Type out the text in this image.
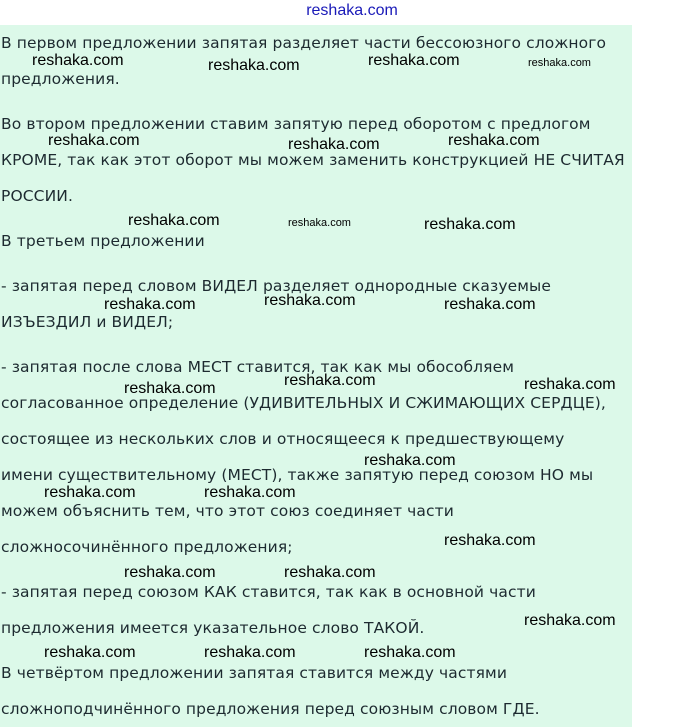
reshaka.com

В первом предложении запятая разделяет части бессоюзного сложного

предложения.

Во втором предложении ставим запятую перед оборотом с предлогом

КРОМЕ, так как этот оборот мы можем заменить конструкцией НЕ СЧИТАЯ

РОССИИ.

В третьем предложении

- запятая перед словом ВИДЕЛ разделяет однородные сказуемые

ИЗЪЕЗДИЛ и ВИДЕЛ;

- запятая после слова МЕСТ ставится, так как мы обособляем

согласованное определение (УДИВИТЕЛЬНЫХ И СЖИМАЮЩИХ СЕРДЦЕ),

состоящее из нескольких слов и относящееся к предшествующему

имени существительному (МЕСТ), также запятую перед союзом НО мы

можем объяснить тем, что этот союз соединяет части

сложносочинённого предложения;

- запятая перед союзом КАК ставится, так как в основной части

предложения имеется указательное слово ТАКОЙ.

В четвёртом предложении запятая ставится между частями

сложноподчинённого предложения перед союзным словом ГДЕ.

reshaka.com	reshaka.com	reshaka.com	reshaka.com
reshaka.com	reshaka.com	reshaka.com
reshaka.com	reshaka.com	reshaka.com
reshaka.com	reshaka.com	reshaka.com
reshaka.com	reshaka.com	reshaka.com
reshaka.com
reshaka.com	reshaka.com
reshaka.com
reshaka.com	reshaka.com
reshaka.com
reshaka.com	reshaka.com	reshaka.com
